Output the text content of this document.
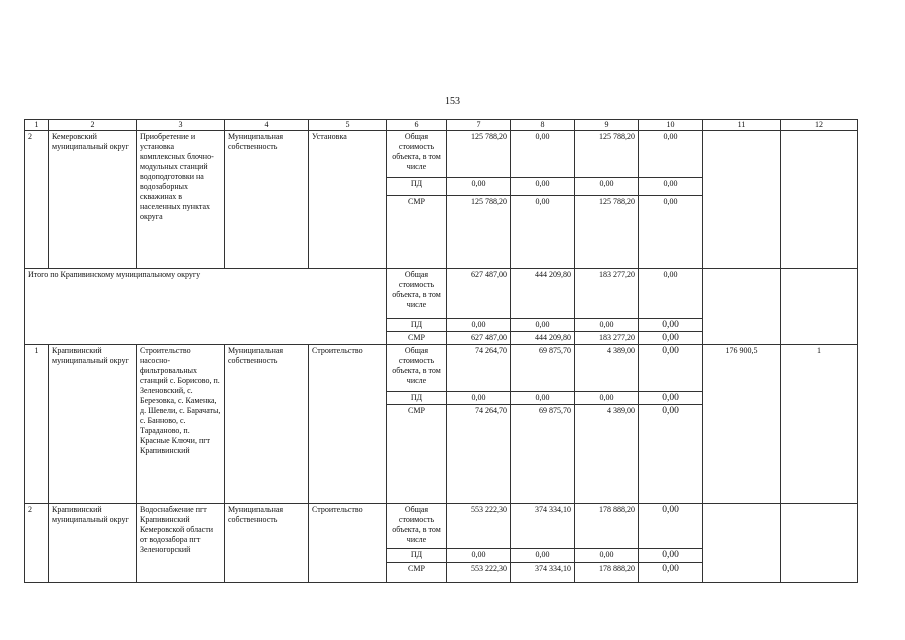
153
1	2	3	4	5	6	7	8	9	10	11	12
2	Кемеровский муниципальный округ	Приобретение и установка комплексных блочно-модульных станций водоподготовки на водозаборных скважинах в населенных пунктах округа	Муниципальная собственность	Установка	Общая стоимость объекта, в том числе	125 788,20	0,00	125 788,20	0,00		
					ПД	0,00	0,00	0,00	0,00		
					СМР	125 788,20	0,00	125 788,20	0,00		
Итого по Крапивинскому муниципальному округу					Общая стоимость объекта, в том числе	627 487,00	444 209,80	183 277,20	0,00		
					ПД	0,00	0,00	0,00	0,00		
					СМР	627 487,00	444 209,80	183 277,20	0,00		
1	Крапивинский муниципальный округ	Строительство насосно-фильтровальных станций с. Борисово, п. Зеленовский, с. Березовка, с. Каменка, д. Шевели, с. Барачаты, с. Банново, с. Тараданово, п. Красные Ключи, пгт Крапивинский	Муниципальная собственность	Строительство	Общая стоимость объекта, в том числе	74 264,70	69 875,70	4 389,00	0,00	176 900,5	1
					ПД	0,00	0,00	0,00	0,00		
					СМР	74 264,70	69 875,70	4 389,00	0,00		
2	Крапивинский муниципальный округ	Водоснабжение пгт Крапивинский Кемеровской области от водозабора пгт Зеленогорский	Муниципальная собственность	Строительство	Общая стоимость объекта, в том числе	553 222,30	374 334,10	178 888,20	0,00		
					ПД	0,00	0,00	0,00	0,00		
					СМР	553 222,30	374 334,10	178 888,20	0,00		
